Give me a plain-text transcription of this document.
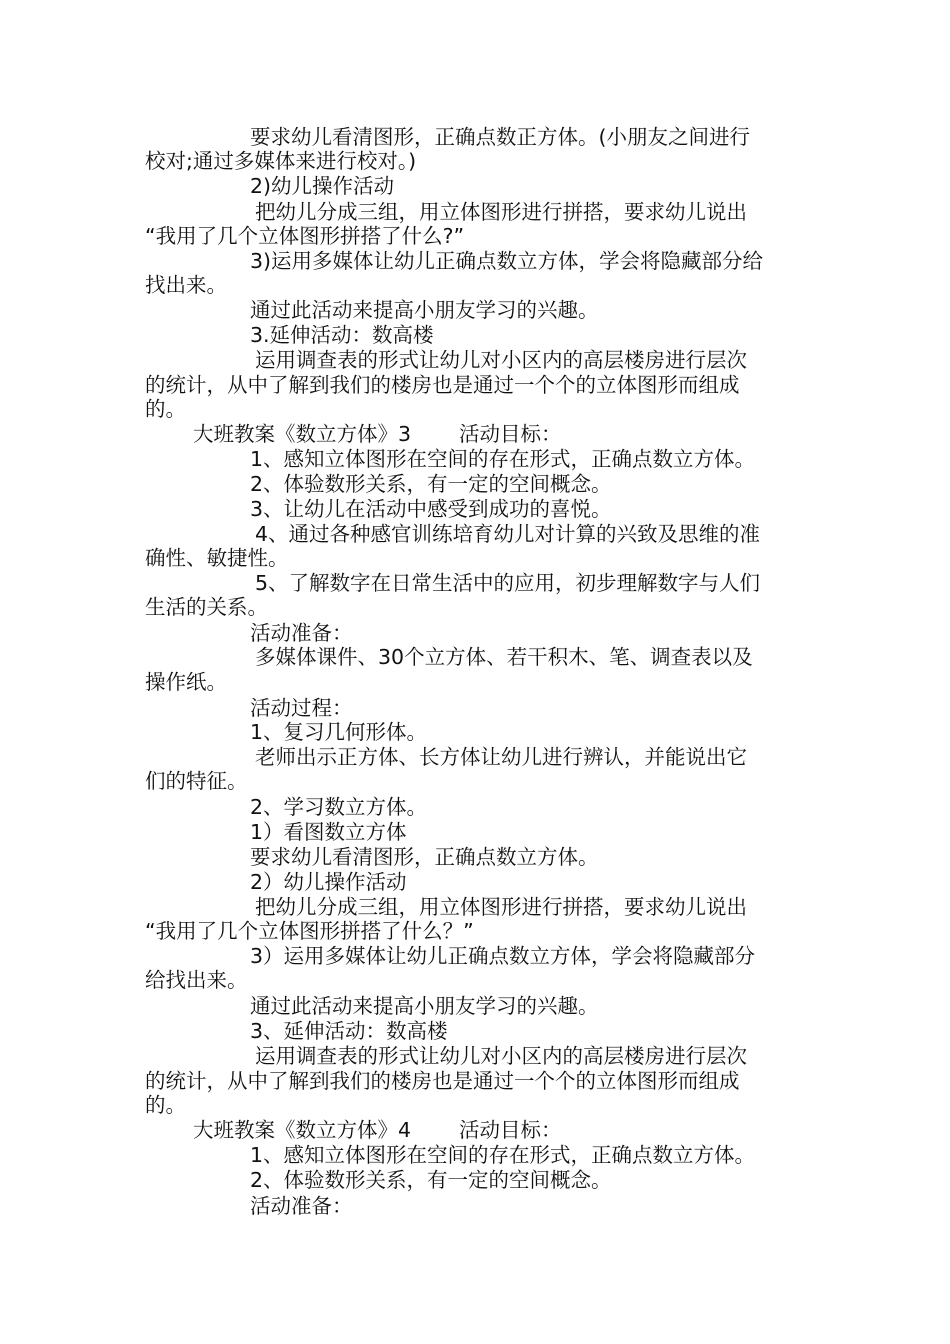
要求幼儿看清图形，正确点数正方体。(小朋友之间进行
校对;通过多媒体来进行校对。)
2)幼儿操作活动
把幼儿分成三组，用立体图形进行拼搭，要求幼儿说出
“我用了几个立体图形拼搭了什么?”
3)运用多媒体让幼儿正确点数立方体，学会将隐藏部分给
找出来。
通过此活动来提高小朋友学习的兴趣。
3.延伸活动：数高楼
运用调查表的形式让幼儿对小区内的高层楼房进行层次
的统计，从中了解到我们的楼房也是通过一个个的立体图形而组成
的。
大班教案《数立方体》3 活动目标：
1、感知立体图形在空间的存在形式，正确点数立方体。
2、体验数形关系，有一定的空间概念。
3、让幼儿在活动中感受到成功的喜悦。
4、通过各种感官训练培育幼儿对计算的兴致及思维的准
确性、敏捷性。
5、了解数字在日常生活中的应用，初步理解数字与人们
生活的关系。
活动准备：
多媒体课件、30个立方体、若干积木、笔、调查表以及
操作纸。
活动过程：
1、复习几何形体。
老师出示正方体、长方体让幼儿进行辨认，并能说出它
们的特征。
2、学习数立方体。
1）看图数立方体
要求幼儿看清图形，正确点数立方体。
2）幼儿操作活动
把幼儿分成三组，用立体图形进行拼搭，要求幼儿说出
“我用了几个立体图形拼搭了什么？”
3）运用多媒体让幼儿正确点数立方体，学会将隐藏部分
给找出来。
通过此活动来提高小朋友学习的兴趣。
3、延伸活动：数高楼
运用调查表的形式让幼儿对小区内的高层楼房进行层次
的统计，从中了解到我们的楼房也是通过一个个的立体图形而组成
的。
大班教案《数立方体》4 活动目标：
1、感知立体图形在空间的存在形式，正确点数立方体。
2、体验数形关系，有一定的空间概念。
活动准备：
